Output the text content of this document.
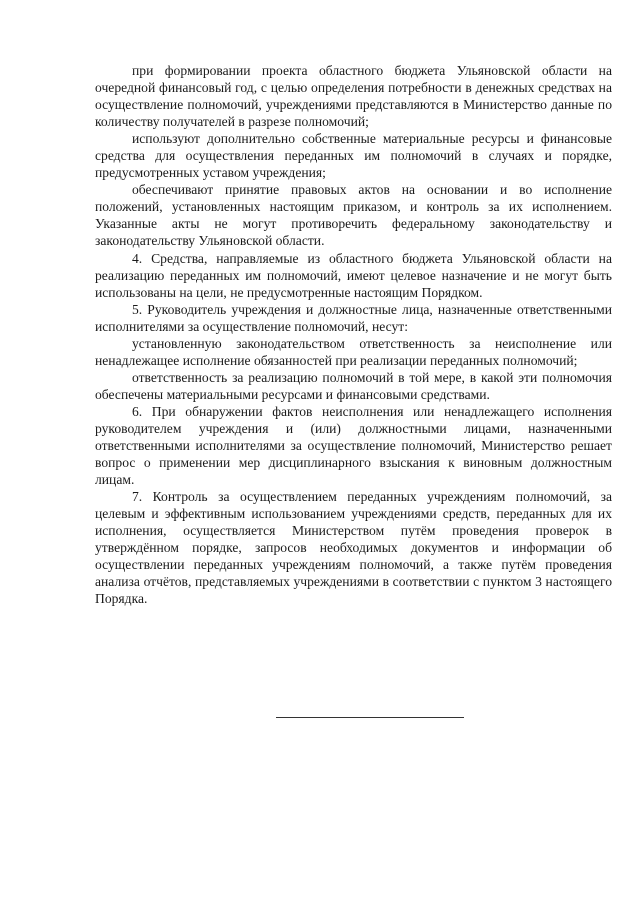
при формировании проекта областного бюджета Ульяновской области на очередной финансовый год, с целью определения потребности в денежных средствах на осуществление полномочий, учреждениями представляются в Министерство данные по количеству получателей в разрезе полномочий;

используют дополнительно собственные материальные ресурсы и финансовые средства для осуществления переданных им полномочий в случаях и порядке, предусмотренных уставом учреждения;

обеспечивают принятие правовых актов на основании и во исполнение положений, установленных настоящим приказом, и контроль за их исполнением. Указанные акты не могут противоречить федеральному законодательству и законодательству Ульяновской области.

4. Средства, направляемые из областного бюджета Ульяновской области на реализацию переданных им полномочий, имеют целевое назначение и не могут быть использованы на цели, не предусмотренные настоящим Порядком.

5. Руководитель учреждения и должностные лица, назначенные ответственными исполнителями за осуществление полномочий, несут:

установленную законодательством ответственность за неисполнение или ненадлежащее исполнение обязанностей при реализации переданных полномочий;

ответственность за реализацию полномочий в той мере, в какой эти полномочия обеспечены материальными ресурсами и финансовыми средствами.

6. При обнаружении фактов неисполнения или ненадлежащего исполнения руководителем учреждения и (или) должностными лицами, назначенными ответственными исполнителями за осуществление полномочий, Министерство решает вопрос о применении мер дисциплинарного взыскания к виновным должностным лицам.

7. Контроль за осуществлением переданных учреждениям полномочий, за целевым и эффективным использованием учреждениями средств, переданных для их исполнения, осуществляется Министерством путём проведения проверок в утверждённом порядке, запросов необходимых документов и информации об осуществлении переданных учреждениям полномочий, а также путём проведения анализа отчётов, представляемых учреждениями в соответствии с пунктом 3 настоящего Порядка.
